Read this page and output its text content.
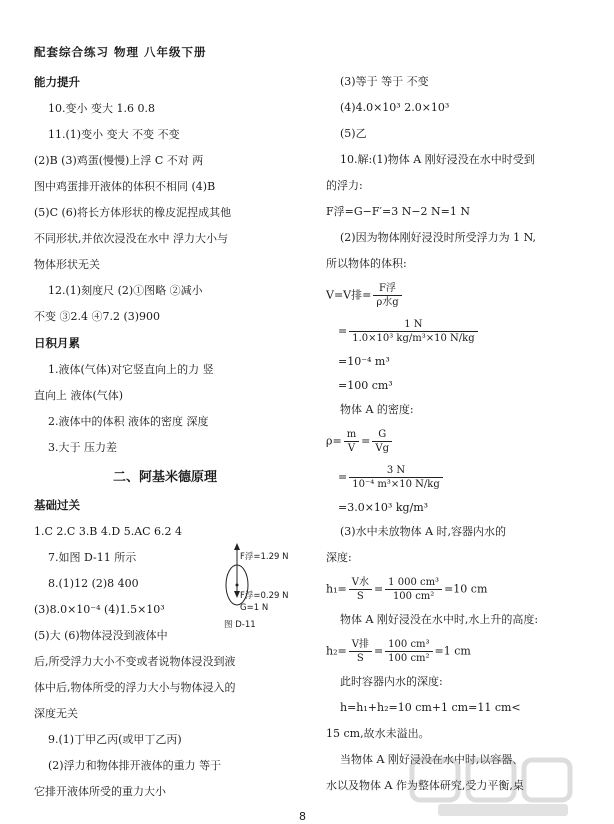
配套综合练习 物理 八年级下册
能力提升
10.变小 变大 1.6 0.8
11.(1)变小 变大 不变 不变
(2)B (3)鸡蛋(慢慢)上浮 C 不对 两
图中鸡蛋排开液体的体积不相同 (4)B
(5)C (6)将长方体形状的橡皮泥捏成其他
不同形状,并依次浸没在水中 浮力大小与
物体形状无关
12.(1)刻度尺 (2)①图略 ②减小
不变 ③2.4 ④7.2 (3)900
日积月累
1.液体(气体)对它竖直向上的力 竖
直向上 液体(气体)
2.液体中的体积 液体的密度 深度
3.大于 压力差
二、阿基米德原理
基础过关
1.C 2.C 3.B 4.D 5.AC 6.2 4
7.如图 D-11 所示
8.(1)12 (2)8 400
(3)8.0×10⁻⁴ (4)1.5×10³
(5)大 (6)物体浸没到液体中
后,所受浮力大小不变或者说物体浸没到液
体中后,物体所受的浮力大小与物体浸入的
深度无关
9.(1)丁甲乙丙(或甲丁乙丙)
(2)浮力和物体排开液体的重力 等于
它排开液体所受的重力大小
F浮=1.29 N
F浮=0.29 N
G=1 N
图 D-11
(3)等于 等于 不变
(4)4.0×10³ 2.0×10³
(5)乙
10.解:(1)物体 A 刚好浸没在水中时受到
的浮力:
F浮=G−F′=3 N−2 N=1 N
(2)因为物体刚好浸没时所受浮力为 1 N,
所以物体的体积:
V=V排= $\frac{\text{F浮}}{\text{ρ水g}}$
= $\frac{1 N}{\text{1.0×10³ kg/m³×10 N/kg}}$
=10⁻⁴ m³
=100 cm³
物体 A 的密度:
$\rho= \frac{m}{V} = \frac{G}{Vg}$
= $\frac{3 N}{\text{10⁻⁴ m³×10 N/kg}}$
=3.0×10³ kg/m³
(3)水中未放物体 A 时,容器内水的
深度:
$h_1= \frac{\text{V水}}{S} = \frac{\text{1 000 cm³}}{\text{100 cm²}} =10$ cm
物体 A 刚好浸没在水中时,水上升的高度:
$h_2= \frac{\text{V排}}{S} = \frac{\text{100 cm³}}{\text{100 cm²}} =1$ cm
此时容器内水的深度:
h=h₁+h₂=10 cm+1 cm=11 cm<
15 cm,故水未溢出。
当物体 A 刚好浸没在水中时,以容器、
水以及物体 A 作为整体研究,受力平衡,桌
8
